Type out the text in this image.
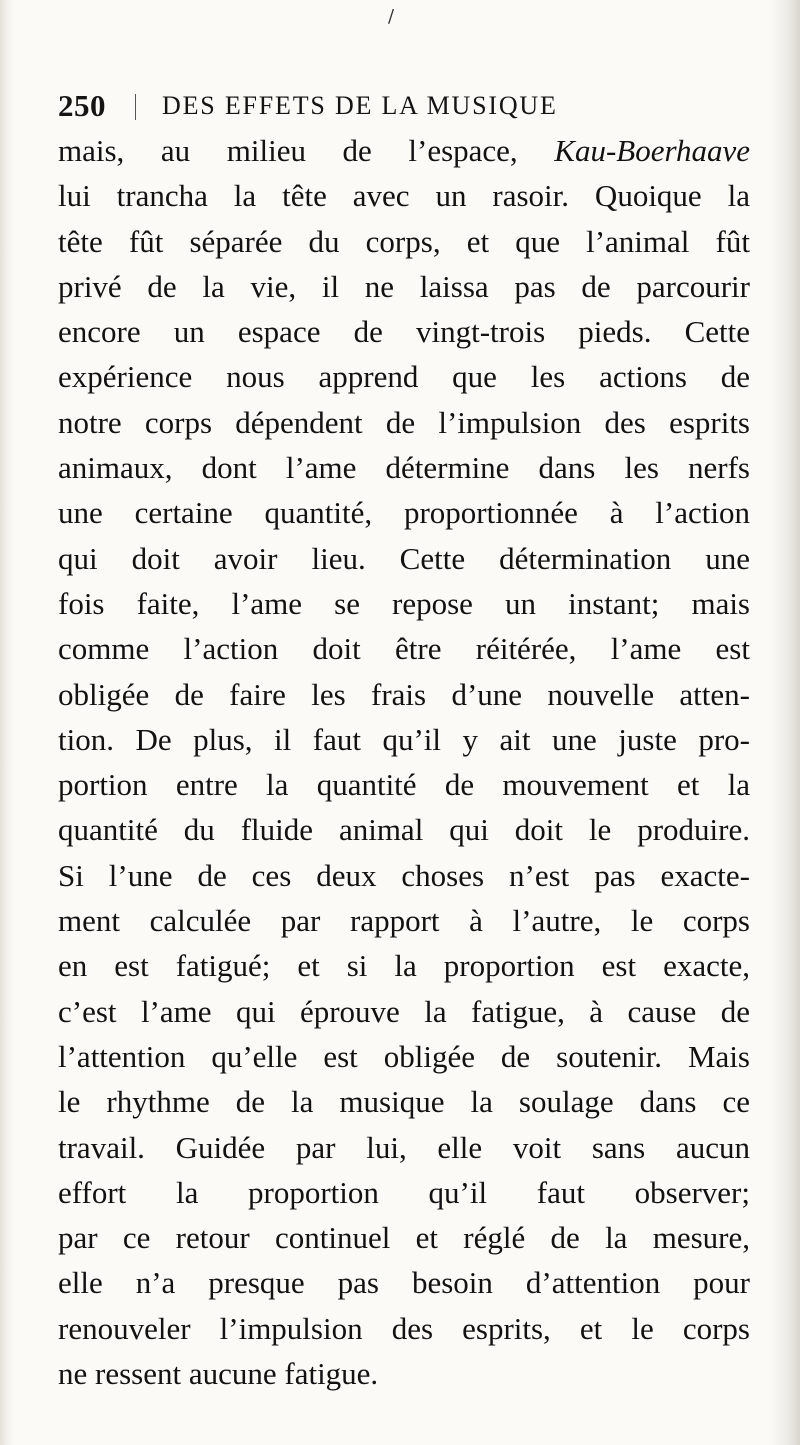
/
250 DES EFFETS DE LA MUSIQUE
mais, au milieu de l’espace, Kau-Boerhaave
lui trancha la tête avec un rasoir. Quoique la
tête fût séparée du corps, et que l’animal fût
privé de la vie, il ne laissa pas de parcourir
encore un espace de vingt-trois pieds. Cette
expérience nous apprend que les actions de
notre corps dépendent de l’impulsion des esprits
animaux, dont l’ame détermine dans les nerfs
une certaine quantité, proportionnée à l’action
qui doit avoir lieu. Cette détermination une
fois faite, l’ame se repose un instant; mais
comme l’action doit être réitérée, l’ame est
obligée de faire les frais d’une nouvelle atten-
tion. De plus, il faut qu’il y ait une juste pro-
portion entre la quantité de mouvement et la
quantité du fluide animal qui doit le produire.
Si l’une de ces deux choses n’est pas exacte-
ment calculée par rapport à l’autre, le corps
en est fatigué; et si la proportion est exacte,
c’est l’ame qui éprouve la fatigue, à cause de
l’attention qu’elle est obligée de soutenir. Mais
le rhythme de la musique la soulage dans ce
travail. Guidée par lui, elle voit sans aucun
effort la proportion qu’il faut observer;
par ce retour continuel et réglé de la mesure,
elle n’a presque pas besoin d’attention pour
renouveler l’impulsion des esprits, et le corps
ne ressent aucune fatigue.
